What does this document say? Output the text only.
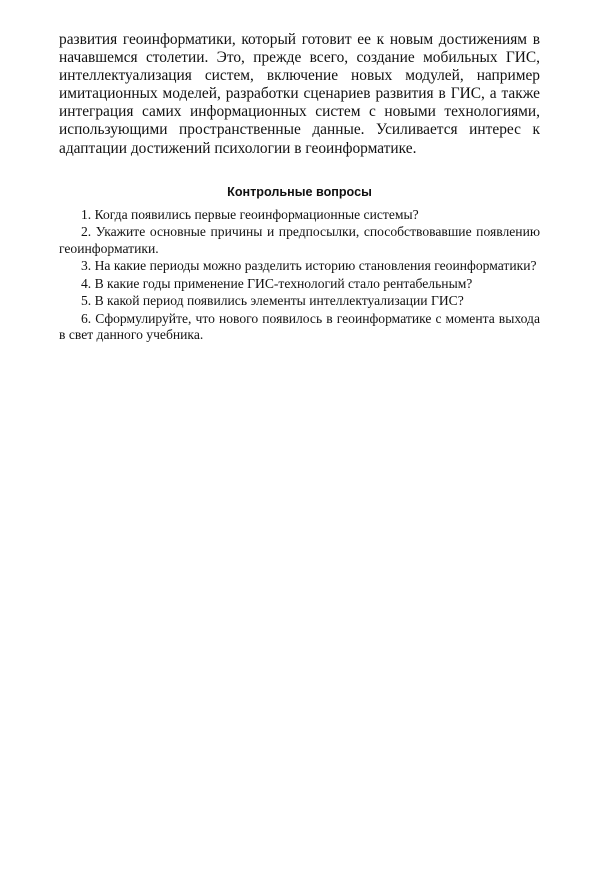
развития геоинформатики, который готовит ее к новым достижениям в начавшемся столетии. Это, прежде всего, создание мобильных ГИС, интеллектуализация систем, включение новых модулей, например имитационных моделей, разработки сценариев развития в ГИС, а также интеграция самих информационных систем с новыми технологиями, использующими пространственные данные. Усиливается интерес к адаптации достижений психологии в геоинформатике.

Контрольные вопросы
1. Когда появились первые геоинформационные системы?
2. Укажите основные причины и предпосылки, способствовавшие появлению геоинформатики.
3. На какие периоды можно разделить историю становления геоинформатики?
4. В какие годы применение ГИС-технологий стало рентабельным?
5. В какой период появились элементы интеллектуализации ГИС?
6. Сформулируйте, что нового появилось в геоинформатике с момента выхода в свет данного учебника.
